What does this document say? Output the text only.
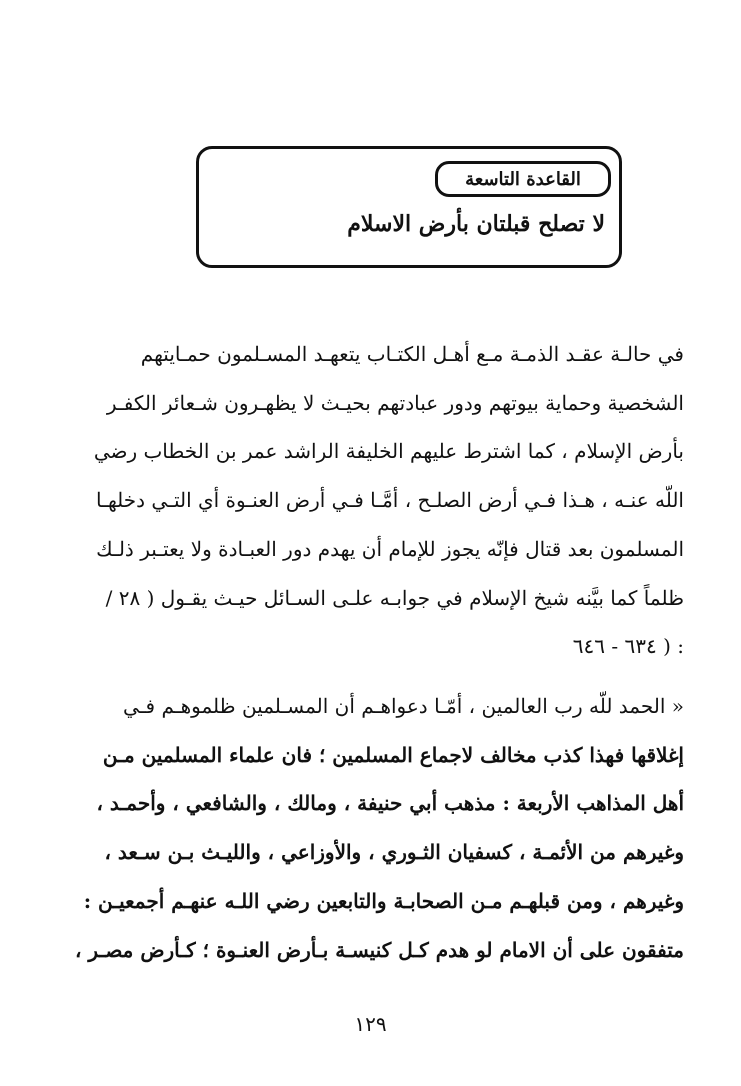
القاعدة التاسعة
لا تصلح قبلتان بأرض الاسلام
في حالـة عقـد الذمـة مـع أهـل الكتـاب يتعهـد المسـلمون حمـايتهم
الشخصية وحماية بيوتهم ودور عبادتهم بحيـث لا يظهـرون شـعائر الكفـر
بأرض الإسلام ، كما اشترط عليهم الخليفة الراشد عمر بن الخطاب رضي
اللّه عنـه ، هـذا فـي أرض الصلـح ، أمَّـا فـي أرض العنـوة أي التـي دخلهـا
المسلمون بعد قتال فإنّه يجوز للإمام أن يهدم دور العبـادة ولا يعتـبر ذلـك
ظلماً كما بيَّنه شيخ الإسلام في جوابـه علـى السـائل حيـث يقـول ( ٢٨ /
: ( ٦٣٤ - ٦٤٦
« الحمد للّه رب العالمين ، أمّـا دعواهـم أن المسـلمين ظلموهـم فـي
إغلاقها فهذا كذب مخالف لاجماع المسلمين ؛ فان علماء المسلمين مـن
أهل المذاهب الأربعة : مذهب أبي حنيفة ، ومالك ، والشافعي ، وأحمـد ،
وغيرهم من الأئمـة ، كسفيان الثـوري ، والأوزاعي ، والليـث بـن سـعد ،
وغيرهم ، ومن قبلهـم مـن الصحابـة والتابعين رضي اللـه عنهـم أجمعيـن :
متفقون على أن الامام لو هدم كـل كنيسـة بـأرض العنـوة ؛ كـأرض مصـر ،
١٢٩
